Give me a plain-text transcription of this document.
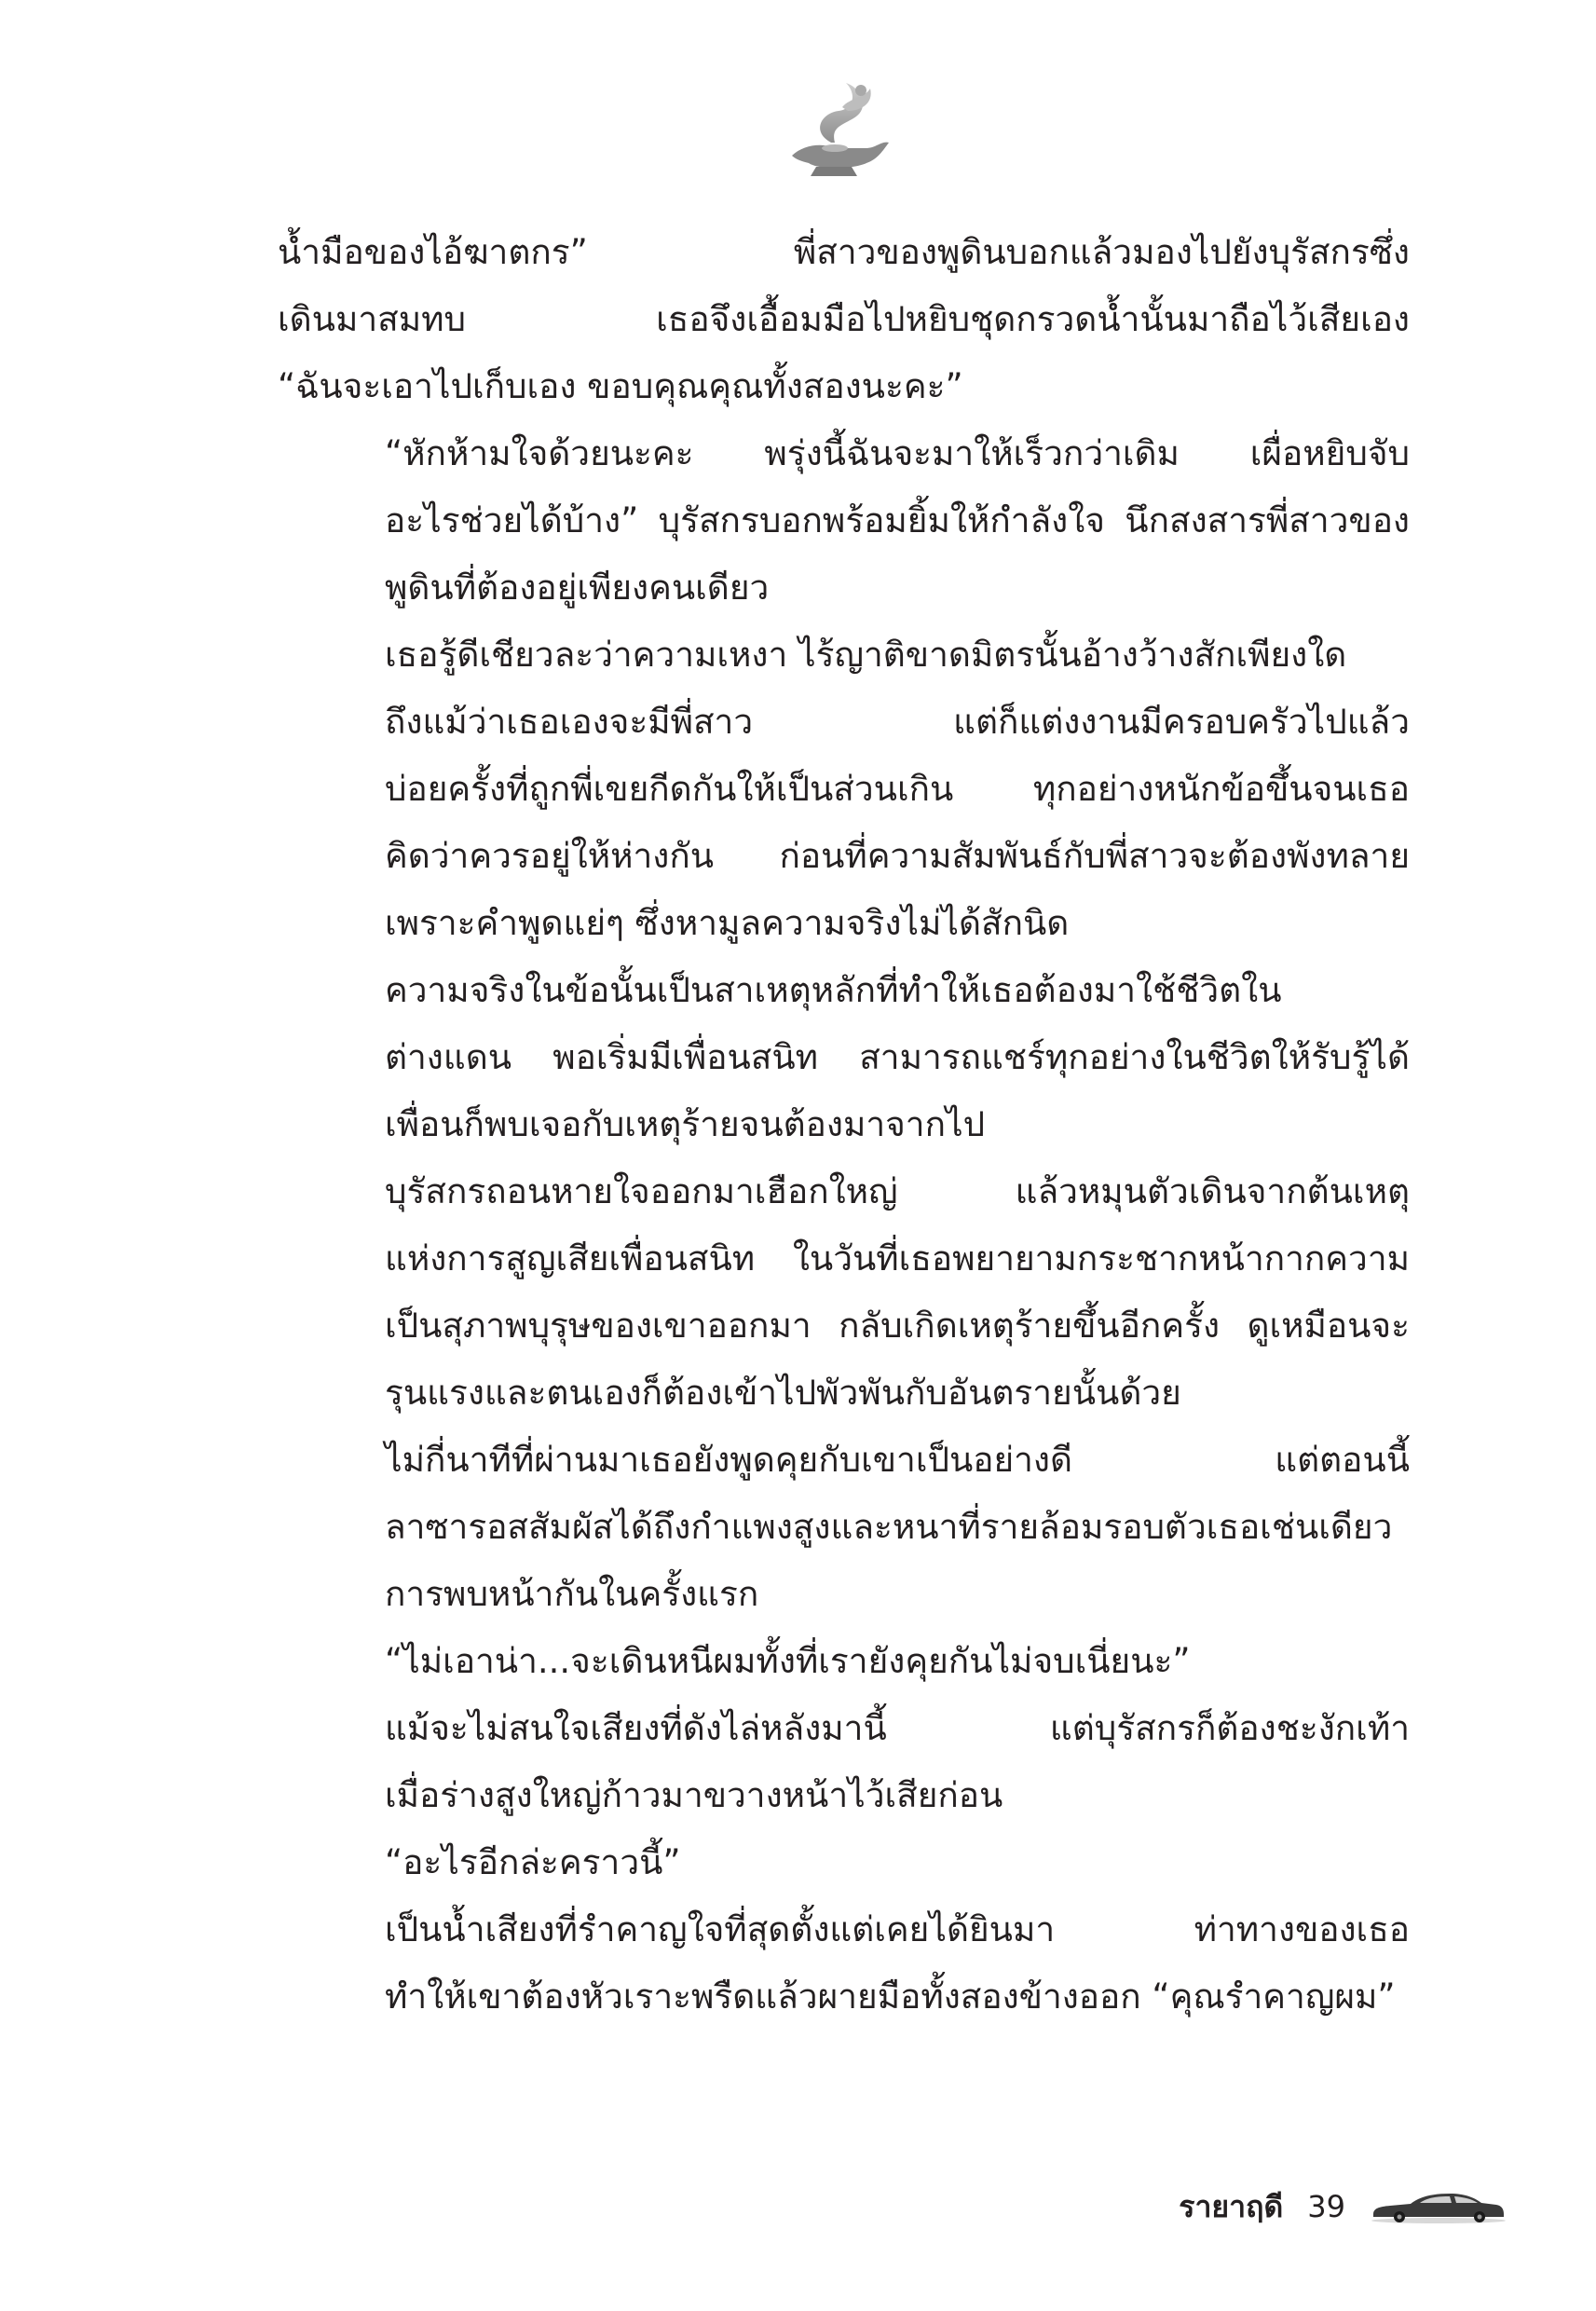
น้ำมือของไอ้ฆาตกร” พี่สาวของพูดินบอกแล้วมองไปยังบุรัสกรซึ่ง
เดินมาสมทบ เธอจึงเอื้อมมือไปหยิบชุดกรวดน้ำนั้นมาถือไว้เสียเอง
“ฉันจะเอาไปเก็บเอง ขอบคุณคุณทั้งสองนะคะ”

“หักห้ามใจด้วยนะคะ พรุ่งนี้ฉันจะมาให้เร็วกว่าเดิม เผื่อหยิบจับ
อะไรช่วยได้บ้าง” บุรัสกรบอกพร้อมยิ้มให้กำลังใจ นึกสงสารพี่สาวของ
พูดินที่ต้องอยู่เพียงคนเดียว

เธอรู้ดีเชียวละว่าความเหงา ไร้ญาติขาดมิตรนั้นอ้างว้างสักเพียงใด

ถึงแม้ว่าเธอเองจะมีพี่สาว แต่ก็แต่งงานมีครอบครัวไปแล้ว
บ่อยครั้งที่ถูกพี่เขยกีดกันให้เป็นส่วนเกิน ทุกอย่างหนักข้อขึ้นจนเธอ
คิดว่าควรอยู่ให้ห่างกัน ก่อนที่ความสัมพันธ์กับพี่สาวจะต้องพังทลาย
เพราะคำพูดแย่ๆ ซึ่งหามูลความจริงไม่ได้สักนิด

ความจริงในข้อนั้นเป็นสาเหตุหลักที่ทำให้เธอต้องมาใช้ชีวิตใน
ต่างแดน พอเริ่มมีเพื่อนสนิท สามารถแชร์ทุกอย่างในชีวิตให้รับรู้ได้
เพื่อนก็พบเจอกับเหตุร้ายจนต้องมาจากไป

บุรัสกรถอนหายใจออกมาเฮือกใหญ่ แล้วหมุนตัวเดินจากต้นเหตุ
แห่งการสูญเสียเพื่อนสนิท ในวันที่เธอพยายามกระชากหน้ากากความ
เป็นสุภาพบุรุษของเขาออกมา กลับเกิดเหตุร้ายขึ้นอีกครั้ง ดูเหมือนจะ
รุนแรงและตนเองก็ต้องเข้าไปพัวพันกับอันตรายนั้นด้วย

ไม่กี่นาทีที่ผ่านมาเธอยังพูดคุยกับเขาเป็นอย่างดี แต่ตอนนี้
ลาซารอสสัมผัสได้ถึงกำแพงสูงและหนาที่รายล้อมรอบตัวเธอเช่นเดียว
การพบหน้ากันในครั้งแรก

“ไม่เอาน่า...จะเดินหนีผมทั้งที่เรายังคุยกันไม่จบเนี่ยนะ”

แม้จะไม่สนใจเสียงที่ดังไล่หลังมานี้ แต่บุรัสกรก็ต้องชะงักเท้า
เมื่อร่างสูงใหญ่ก้าวมาขวางหน้าไว้เสียก่อน

“อะไรอีกล่ะคราวนี้”

เป็นน้ำเสียงที่รำคาญใจที่สุดตั้งแต่เคยได้ยินมา ท่าทางของเธอ
ทำให้เขาต้องหัวเราะพรืดแล้วผายมือทั้งสองข้างออก “คุณรำคาญผม”

รายาฤดี 39
